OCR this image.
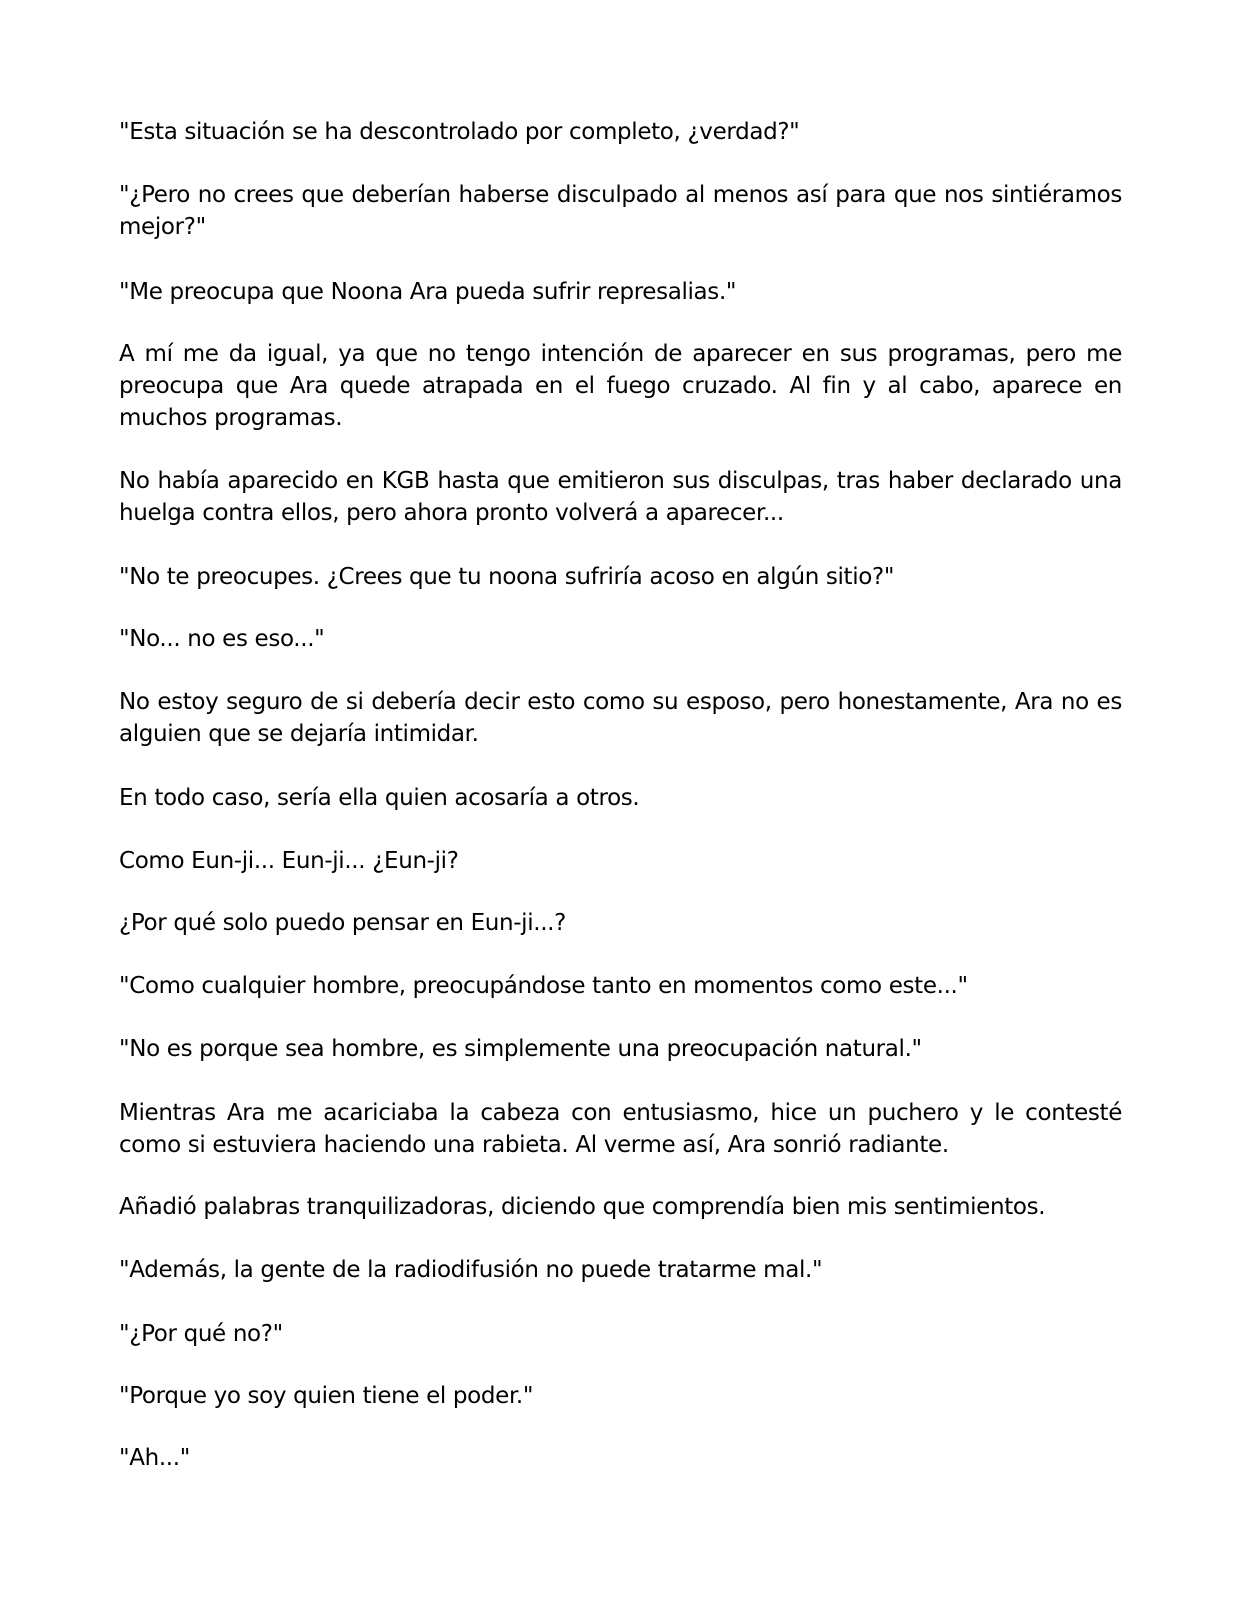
"Esta situación se ha descontrolado por completo, ¿verdad?"

"¿Pero no crees que deberían haberse disculpado al menos así para que nos sintiéramos mejor?"

"Me preocupa que Noona Ara pueda sufrir represalias."

A mí me da igual, ya que no tengo intención de aparecer en sus programas, pero me preocupa que Ara quede atrapada en el fuego cruzado. Al fin y al cabo, aparece en muchos programas.

No había aparecido en KGB hasta que emitieron sus disculpas, tras haber declarado una huelga contra ellos, pero ahora pronto volverá a aparecer...

"No te preocupes. ¿Crees que tu noona sufriría acoso en algún sitio?"

"No... no es eso..."

No estoy seguro de si debería decir esto como su esposo, pero honestamente, Ara no es alguien que se dejaría intimidar.

En todo caso, sería ella quien acosaría a otros.

Como Eun-ji... Eun-ji... ¿Eun-ji?

¿Por qué solo puedo pensar en Eun-ji...?

"Como cualquier hombre, preocupándose tanto en momentos como este..."

"No es porque sea hombre, es simplemente una preocupación natural."

Mientras Ara me acariciaba la cabeza con entusiasmo, hice un puchero y le contesté como si estuviera haciendo una rabieta. Al verme así, Ara sonrió radiante.

Añadió palabras tranquilizadoras, diciendo que comprendía bien mis sentimientos.

"Además, la gente de la radiodifusión no puede tratarme mal."

"¿Por qué no?"

"Porque yo soy quien tiene el poder."

"Ah..."
